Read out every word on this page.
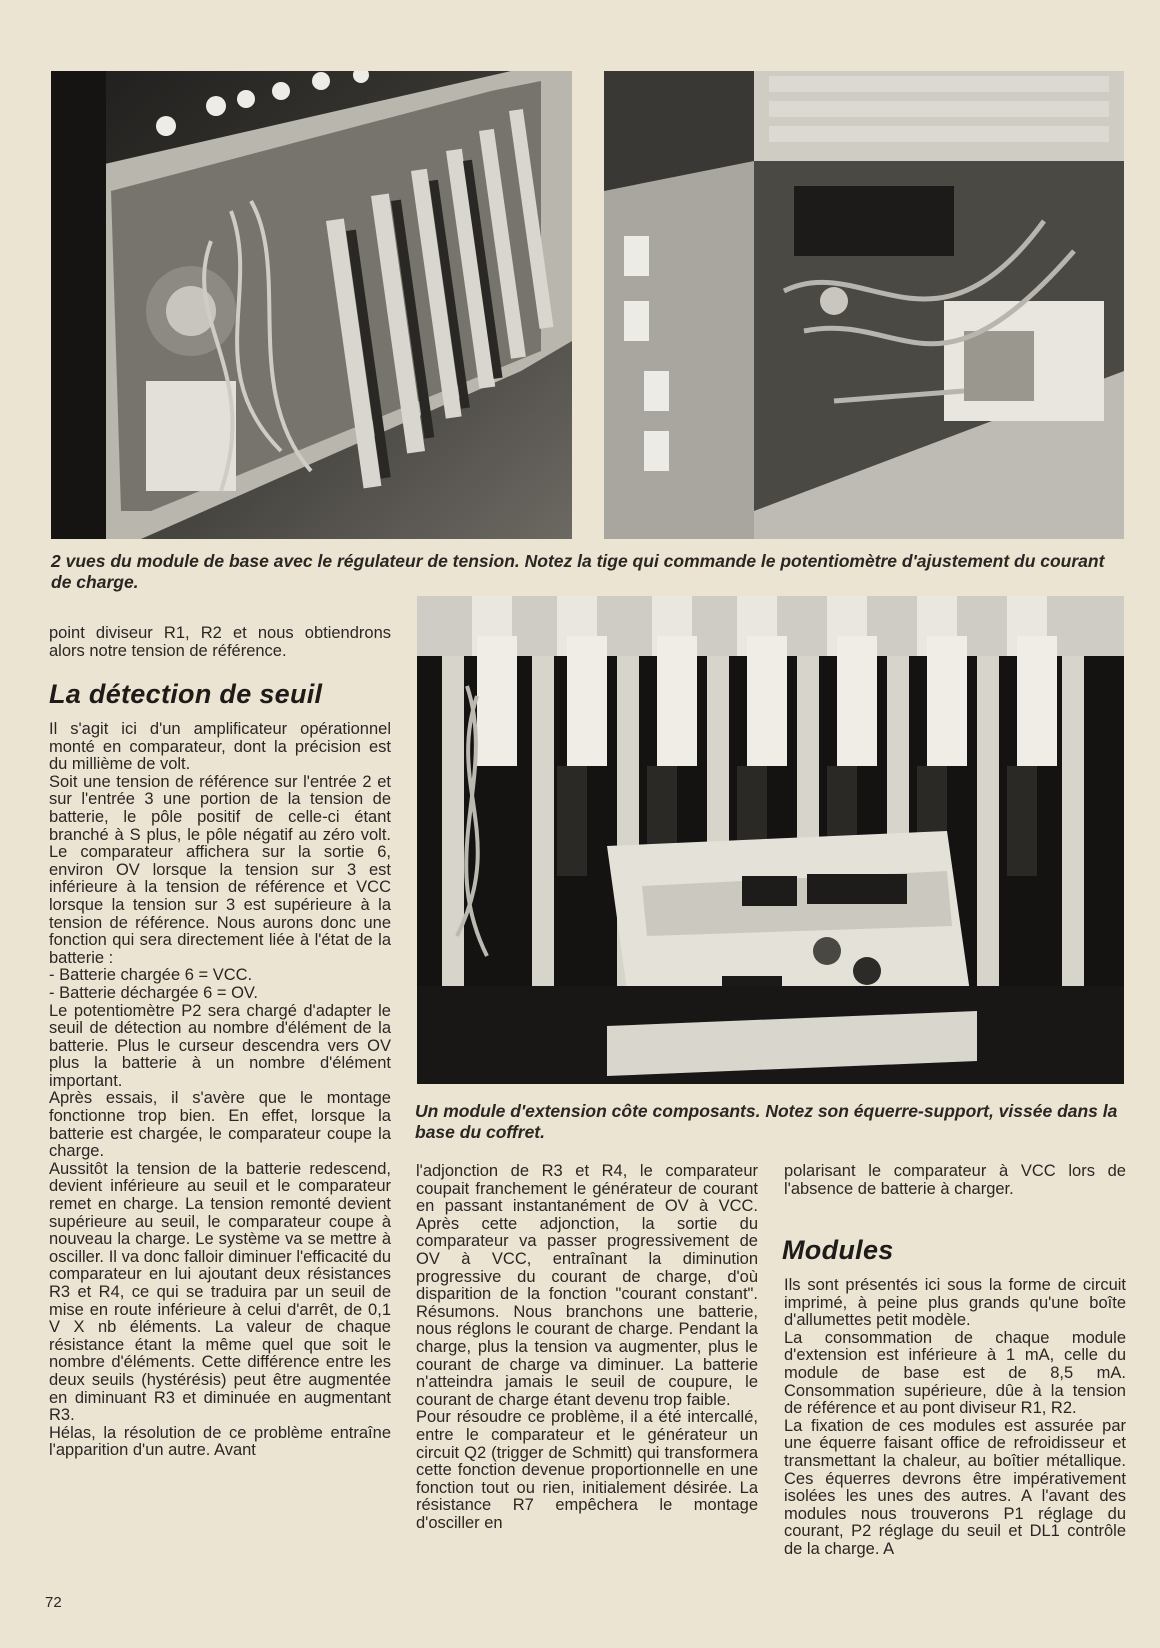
2 vues du module de base avec le régulateur de tension. Notez la tige qui commande le potentiomètre d'ajustement du courant de charge.

point diviseur R1, R2 et nous obtiendrons alors notre tension de référence.

La détection de seuil

Il s'agit ici d'un amplificateur opérationnel monté en comparateur, dont la précision est du millième de volt.

Soit une tension de référence sur l'entrée 2 et sur l'entrée 3 une portion de la tension de batterie, le pôle positif de celle-ci étant branché à S plus, le pôle négatif au zéro volt. Le comparateur affichera sur la sortie 6, environ OV lorsque la tension sur 3 est inférieure à la tension de référence et VCC lorsque la tension sur 3 est supérieure à la tension de référence. Nous aurons donc une fonction qui sera directement liée à l'état de la batterie :

- Batterie chargée 6 = VCC.

- Batterie déchargée 6 = OV.

Le potentiomètre P2 sera chargé d'adapter le seuil de détection au nombre d'élément de la batterie. Plus le curseur descendra vers OV plus la batterie à un nombre d'élément important.

Après essais, il s'avère que le montage fonctionne trop bien. En effet, lorsque la batterie est chargée, le comparateur coupe la charge.

Aussitôt la tension de la batterie redescend, devient inférieure au seuil et le comparateur remet en charge. La tension remonté devient supérieure au seuil, le comparateur coupe à nouveau la charge. Le système va se mettre à osciller. Il va donc falloir diminuer l'efficacité du comparateur en lui ajoutant deux résistances R3 et R4, ce qui se traduira par un seuil de mise en route inférieure à celui d'arrêt, de 0,1 V X nb éléments. La valeur de chaque résistance étant la même quel que soit le nombre d'éléments. Cette différence entre les deux seuils (hystérésis) peut être augmentée en diminuant R3 et diminuée en augmentant R3.

Hélas, la résolution de ce problème entraîne l'apparition d'un autre. Avant

Un module d'extension côte composants. Notez son équerre-support, vissée dans la base du coffret.

l'adjonction de R3 et R4, le comparateur coupait franchement le générateur de courant en passant instantanément de OV à VCC. Après cette adjonction, la sortie du comparateur va passer progressivement de OV à VCC, entraînant la diminution progressive du courant de charge, d'où disparition de la fonction "courant constant". Résumons. Nous branchons une batterie, nous réglons le courant de charge. Pendant la charge, plus la tension va augmenter, plus le courant de charge va diminuer. La batterie n'atteindra jamais le seuil de coupure, le courant de charge étant devenu trop faible.

Pour résoudre ce problème, il a été intercallé, entre le comparateur et le générateur un circuit Q2 (trigger de Schmitt) qui transformera cette fonction devenue proportionnelle en une fonction tout ou rien, initialement désirée. La résistance R7 empêchera le montage d'osciller en

polarisant le comparateur à VCC lors de l'absence de batterie à charger.

Modules

Ils sont présentés ici sous la forme de circuit imprimé, à peine plus grands qu'une boîte d'allumettes petit modèle.

La consommation de chaque module d'extension est inférieure à 1 mA, celle du module de base est de 8,5 mA. Consommation supérieure, dûe à la tension de référence et au pont diviseur R1, R2.

La fixation de ces modules est assurée par une équerre faisant office de refroidisseur et transmettant la chaleur, au boîtier métallique. Ces équerres devrons être impérativement isolées les unes des autres. A l'avant des modules nous trouverons P1 réglage du courant, P2 réglage du seuil et DL1 contrôle de la charge. A

72
